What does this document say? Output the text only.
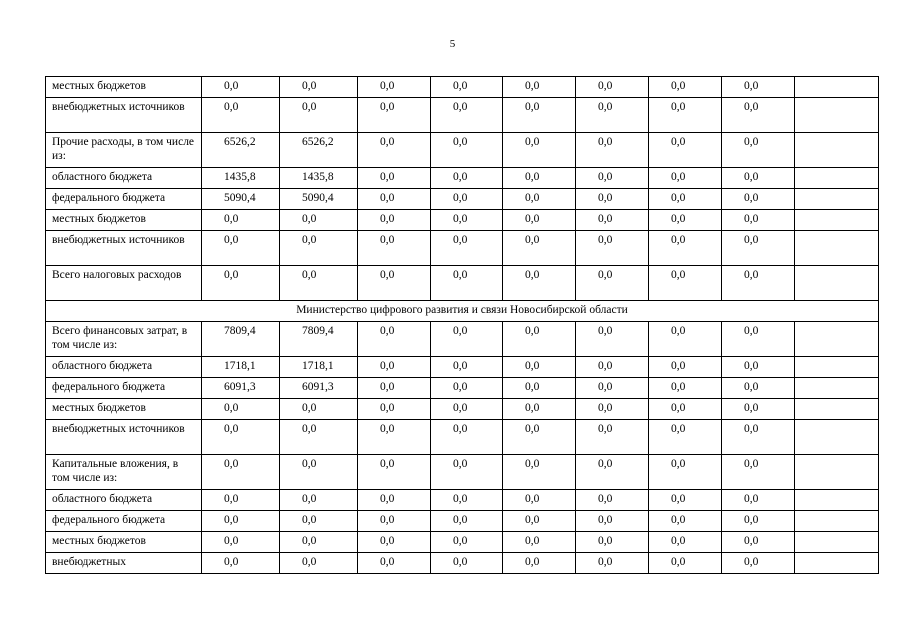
5
местных бюджетов	0,0	0,0	0,0	0,0	0,0	0,0	0,0	0,0	
внебюджетных источников	0,0	0,0	0,0	0,0	0,0	0,0	0,0	0,0	
Прочие расходы, в том числе из:	6526,2	6526,2	0,0	0,0	0,0	0,0	0,0	0,0	
областного бюджета	1435,8	1435,8	0,0	0,0	0,0	0,0	0,0	0,0	
федерального бюджета	5090,4	5090,4	0,0	0,0	0,0	0,0	0,0	0,0	
местных бюджетов	0,0	0,0	0,0	0,0	0,0	0,0	0,0	0,0	
внебюджетных источников	0,0	0,0	0,0	0,0	0,0	0,0	0,0	0,0	
Всего налоговых расходов	0,0	0,0	0,0	0,0	0,0	0,0	0,0	0,0	
Министерство цифрового развития и связи Новосибирской области									
Всего финансовых затрат, в том числе из:	7809,4	7809,4	0,0	0,0	0,0	0,0	0,0	0,0	
областного бюджета	1718,1	1718,1	0,0	0,0	0,0	0,0	0,0	0,0	
федерального бюджета	6091,3	6091,3	0,0	0,0	0,0	0,0	0,0	0,0	
местных бюджетов	0,0	0,0	0,0	0,0	0,0	0,0	0,0	0,0	
внебюджетных источников	0,0	0,0	0,0	0,0	0,0	0,0	0,0	0,0	
Капитальные вложения, в том числе из:	0,0	0,0	0,0	0,0	0,0	0,0	0,0	0,0	
областного бюджета	0,0	0,0	0,0	0,0	0,0	0,0	0,0	0,0	
федерального бюджета	0,0	0,0	0,0	0,0	0,0	0,0	0,0	0,0	
местных бюджетов	0,0	0,0	0,0	0,0	0,0	0,0	0,0	0,0	
внебюджетных	0,0	0,0	0,0	0,0	0,0	0,0	0,0	0,0	
